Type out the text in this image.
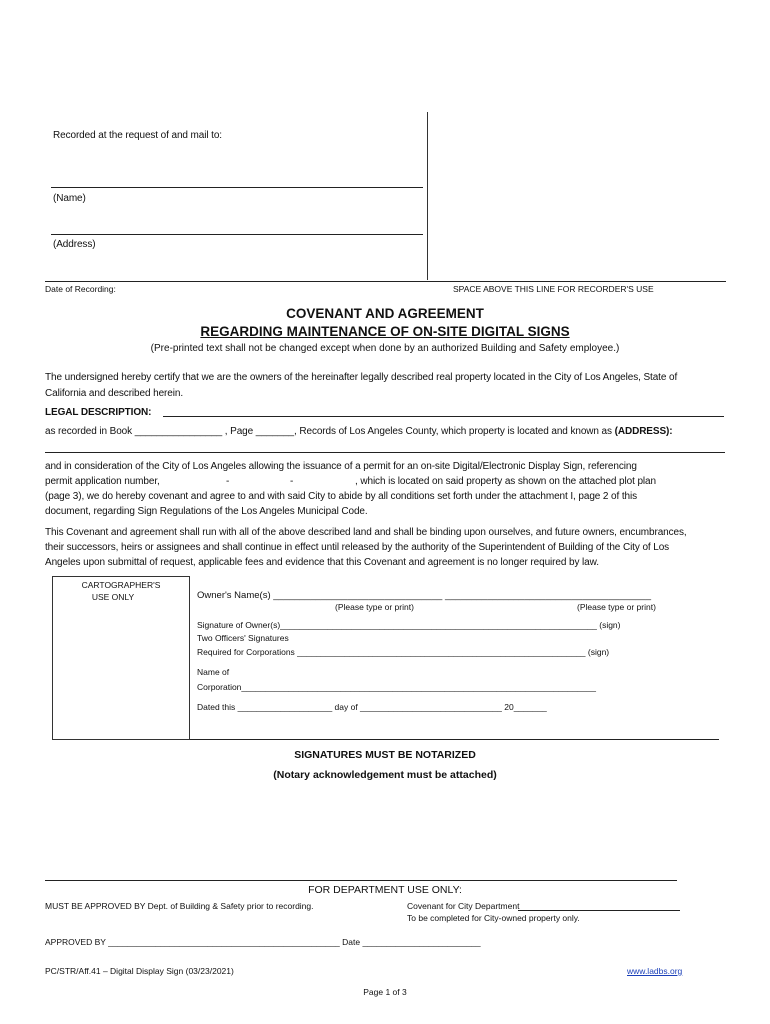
Recorded at the request of and mail to:
(Name)
(Address)
Date of Recording:	SPACE ABOVE THIS LINE FOR RECORDER'S USE
COVENANT AND AGREEMENT
REGARDING MAINTENANCE OF ON-SITE DIGITAL SIGNS
(Pre-printed text shall not be changed except when done by an authorized Building and Safety employee.)
The undersigned hereby certify that we are the owners of the hereinafter legally described real property located in the City of Los Angeles, State of
California and described herein.
LEGAL DESCRIPTION:
as recorded in Book ________________ , Page _______, Records of Los Angeles County, which property is located and known as (ADDRESS):
and in consideration of the City of Los Angeles allowing the issuance of a permit for an on-site Digital/Electronic Display Sign, referencing
permit application number,	-	-	, which is located on said property as shown on the attached plot plan
(page 3), we do hereby covenant and agree to and with said City to abide by all conditions set forth under the attachment I, page 2 of this
document, regarding Sign Regulations of the Los Angeles Municipal Code.
This Covenant and agreement shall run with all of the above described land and shall be binding upon ourselves, and future owners, encumbrances,
their successors, heirs or assignees and shall continue in effect until released by the authority of the Superintendent of Building of the City of Los
Angeles upon submittal of request, applicable fees and evidence that this Covenant and agreement is no longer required by law.
CARTOGRAPHER'S
USE ONLY	Owner's Name(s) ________________________________ _______________________________________
(Please type or print)	(Please type or print)
Signature of Owner(s)___________________________________________________________________ (sign)
Two Officers' Signatures
Required for Corporations _____________________________________________________________ (sign)
Name of
Corporation___________________________________________________________________________
Dated this ____________________ day of ______________________________ 20_______
SIGNATURES MUST BE NOTARIZED
(Notary acknowledgement must be attached)
FOR DEPARTMENT USE ONLY:
MUST BE APPROVED BY Dept. of Building & Safety prior to recording.	Covenant for City Department
To be completed for City-owned property only.
APPROVED BY _________________________________________________ Date _________________________
PC/STR/Aff.41 – Digital Display Sign (03/23/2021)	www.ladbs.org
Page 1 of 3
